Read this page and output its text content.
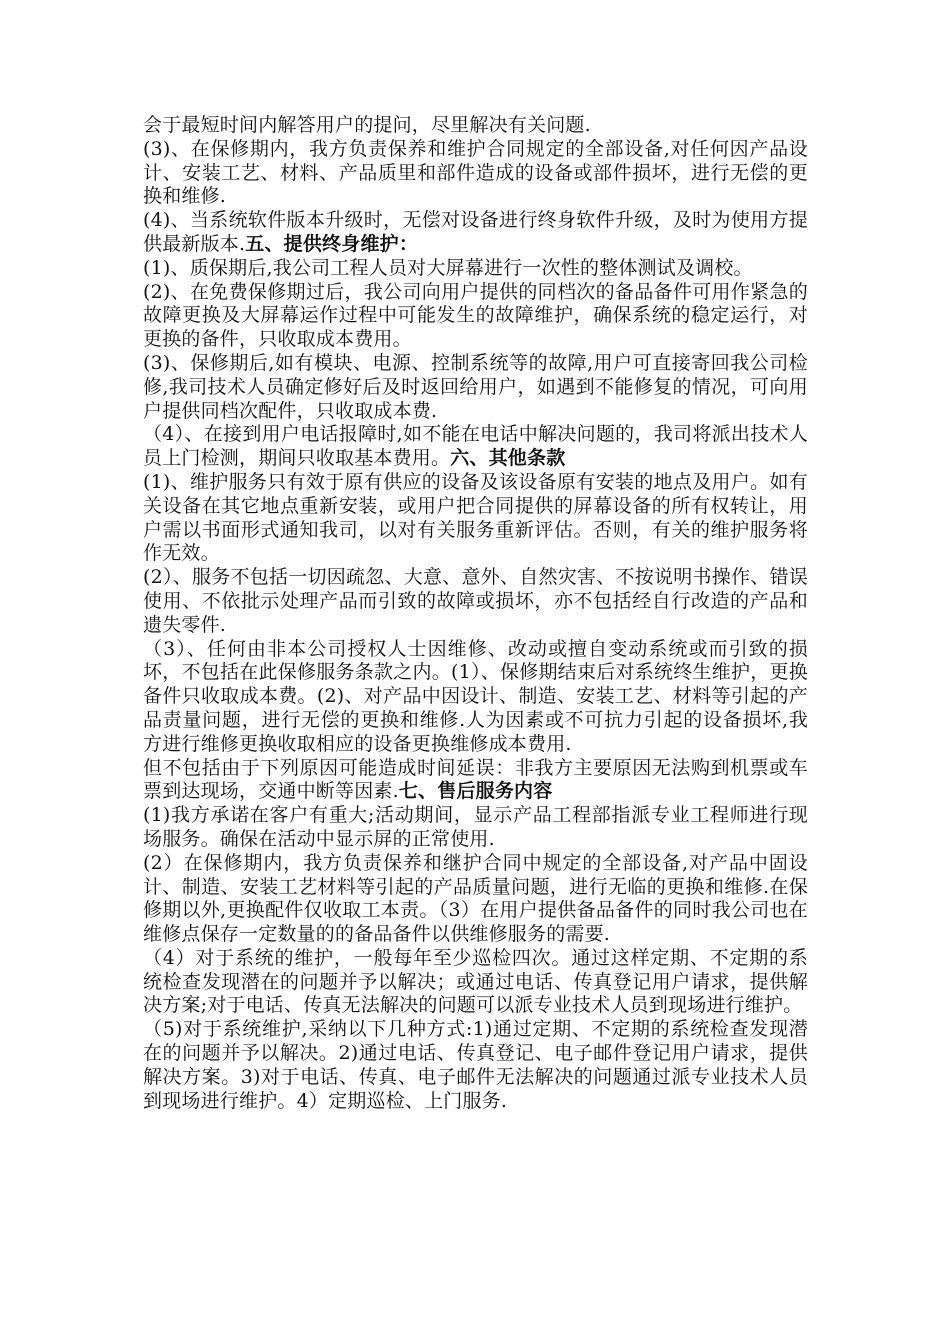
会于最短时间内解答用户的提问，尽里解决有关问题.

(3)、在保修期内，我方负责保养和维护合同规定的全部设备,对任何因产品设计、安装工艺、材料、产品质里和部件造成的设备或部件损坏，进行无偿的更换和维修.

(4)、当系统软件版本升级时，无偿对设备进行终身软件升级，及时为使用方提供最新版本.五、提供终身维护：

(1)、质保期后,我公司工程人员对大屏幕进行一次性的整体测试及调校。

(2)、在免费保修期过后，我公司向用户提供的同档次的备品备件可用作紧急的故障更换及大屏幕运作过程中可能发生的故障维护，确保系统的稳定运行，对更换的备件，只收取成本费用。

(3)、保修期后,如有模块、电源、控制系统等的故障,用户可直接寄回我公司检修,我司技术人员确定修好后及时返回给用户，如遇到不能修复的情况，可向用户提供同档次配件，只收取成本费.

（4）、在接到用户电话报障时,如不能在电话中解决问题的，我司将派出技术人员上门检测，期间只收取基本费用。六、其他条款

(1)、维护服务只有效于原有供应的设备及该设备原有安装的地点及用户。如有关设备在其它地点重新安装，或用户把合同提供的屏幕设备的所有权转让，用户需以书面形式通知我司，以对有关服务重新评估。否则，有关的维护服务将作无效。

(2）、服务不包括一切因疏忽、大意、意外、自然灾害、不按说明书操作、错误使用、不依批示处理产品而引致的故障或损坏，亦不包括经自行改造的产品和遗失零件.

（3）、任何由非本公司授权人士因维修、改动或擅自变动系统或而引致的损坏，不包括在此保修服务条款之内。(1）、保修期结束后对系统终生维护，更换备件只收取成本费。(2)、对产品中因设计、制造、安装工艺、材料等引起的产品责量问题，进行无偿的更换和维修.人为因素或不可抗力引起的设备损坏,我方进行维修更换收取相应的设备更换维修成本费用.

但不包括由于下列原因可能造成时间延误：非我方主要原因无法购到机票或车票到达现场，交通中断等因素.七、售后服务内容

(1)我方承诺在客户有重大;活动期间，显示产品工程部指派专业工程师进行现场服务。确保在活动中显示屏的正常使用.

(2）在保修期内，我方负责保养和继护合同中规定的全部设备,对产品中固设计、制造、安装工艺材料等引起的产品质量问题，进行无临的更换和维修.在保修期以外,更换配件仅收取工本责。（3）在用户提供备品备件的同时我公司也在维修点保存一定数量的的备品备件以供维修服务的需要.

（4）对于系统的维护，一般每年至少巡检四次。通过这样定期、不定期的系统检查发现潜在的问题并予以解决；或通过电话、传真登记用户请求，提供解决方案;对于电话、传真无法解决的问题可以派专业技术人员到现场进行维护。

（5)对于系统维护,采纳以下几种方式:1)通过定期、不定期的系统检查发现潜在的问题并予以解决。2)通过电话、传真登记、电子邮件登记用户请求，提供解决方案。3)对于电话、传真、电子邮件无法解决的问题通过派专业技术人员到现场进行维护。4）定期巡检、上门服务.
